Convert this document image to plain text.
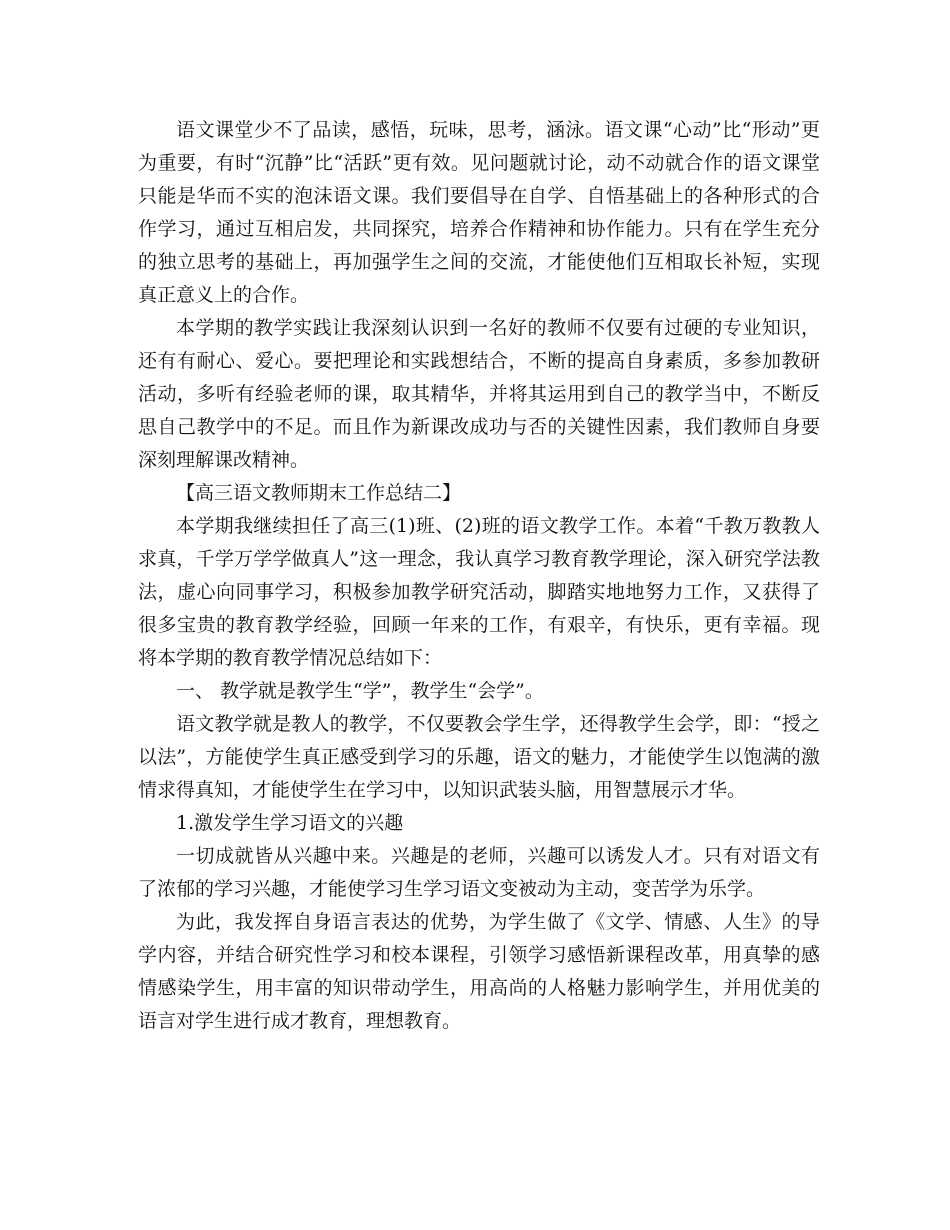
语文课堂少不了品读，感悟，玩味，思考，涵泳。语文课“心动”比“形动”更为重要，有时“沉静”比“活跃”更有效。见问题就讨论，动不动就合作的语文课堂只能是华而不实的泡沫语文课。我们要倡导在自学、自悟基础上的各种形式的合作学习，通过互相启发，共同探究，培养合作精神和协作能力。只有在学生充分的独立思考的基础上，再加强学生之间的交流，才能使他们互相取长补短，实现真正意义上的合作。

本学期的教学实践让我深刻认识到一名好的教师不仅要有过硬的专业知识，还有有耐心、爱心。要把理论和实践想结合，不断的提高自身素质，多参加教研活动，多听有经验老师的课，取其精华，并将其运用到自己的教学当中，不断反思自己教学中的不足。而且作为新课改成功与否的关键性因素，我们教师自身要深刻理解课改精神。

【高三语文教师期末工作总结二】

本学期我继续担任了高三(1)班、(2)班的语文教学工作。本着“千教万教教人求真，千学万学学做真人”这一理念，我认真学习教育教学理论，深入研究学法教法，虚心向同事学习，积极参加教学研究活动，脚踏实地地努力工作，又获得了很多宝贵的教育教学经验，回顾一年来的工作，有艰辛，有快乐，更有幸福。现将本学期的教育教学情况总结如下：

一、 教学就是教学生“学”，教学生“会学”。

语文教学就是教人的教学，不仅要教会学生学，还得教学生会学，即：“授之以法”，方能使学生真正感受到学习的乐趣，语文的魅力，才能使学生以饱满的激情求得真知，才能使学生在学习中，以知识武装头脑，用智慧展示才华。

1.激发学生学习语文的兴趣

一切成就皆从兴趣中来。兴趣是的老师，兴趣可以诱发人才。只有对语文有了浓郁的学习兴趣，才能使学习生学习语文变被动为主动，变苦学为乐学。

为此，我发挥自身语言表达的优势，为学生做了《文学、情感、人生》的导学内容，并结合研究性学习和校本课程，引领学习感悟新课程改革，用真挚的感情感染学生，用丰富的知识带动学生，用高尚的人格魅力影响学生，并用优美的语言对学生进行成才教育，理想教育。
